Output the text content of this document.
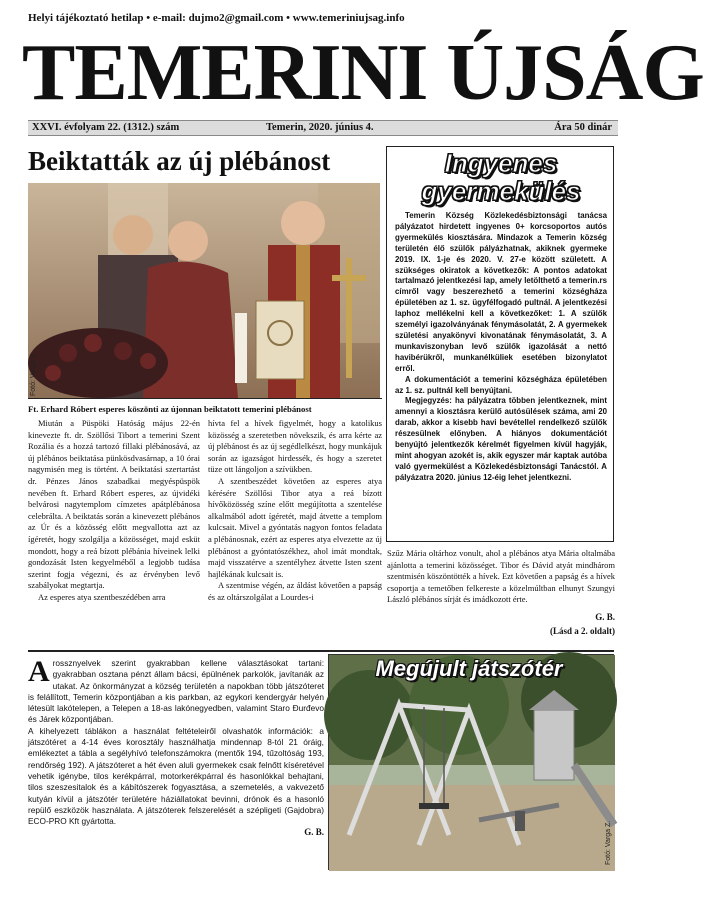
Helyi tájékoztató hetilap • e-mail: dujmo2@gmail.com • www.temeriniujsag.info
TEMERINI ÚJSÁG
XXVI. évfolyam 22. (1312.) szám	Temerin, 2020. június 4.	Ára 50 dinár
Beiktatták az új plébánost
Fotó: Varga Z.
Ft. Erhard Róbert esperes köszönti az újonnan beiktatott temerini plébánost

Miután a Püspöki Hatóság május 22-én kinevezte ft. dr. Szöllősi Tibort a temerini Szent Rozália és a hozzá tartozó fillaki plébánosává, az új plébános beiktatása pünkösdvasárnap, a 10 órai nagymisén meg is történt. A beiktatási szertartást dr. Pénzes János szabadkai megyéspüspök nevében ft. Erhard Róbert esperes, az újvidéki belvárosi nagytemplom címzetes apátplébánosa celebrálta. A beiktatás során a kinevezett plébános az Úr és a közösség előtt megvallotta azt az ígéretét, hogy szolgálja a közösséget, majd esküt mondott, hogy a reá bízott plébánia híveinek lelki gondozását Isten kegyelméből a legjobb tudása szerint fogja végezni, és az érvényben levő szabályokat megtartja.

Az esperes atya szentbeszédében arra

hívta fel a hívek figyelmét, hogy a katolikus közösség a szeretetben növekszik, és arra kérte az új plébánost és az új segédlelkészt, hogy munkájuk során az igazságot hirdessék, és hogy a szeretet tüze ott lángoljon a szívükben.

A szentbeszédet követően az esperes atya kérésére Szöllősi Tibor atya a reá bízott hívőközösség színe előtt megújította a szentelése alkalmából adott ígéretét, majd átvette a templom kulcsait. Mivel a gyóntatás nagyon fontos feladata a plébánosnak, ezért az esperes atya elvezette az új plébánost a gyóntatószékhez, ahol imát mondtak, majd visszatérve a szentélyhez átvette Isten szent hajlékának kulcsait is.

A szentmise végén, az áldást követően a papság és az oltárszolgálat a Lourdes-i

Ingyenes
gyermekülés

Temerin Község Közlekedésbiztonsági tanácsa pályázatot hirdetett ingyenes 0+ korcsoportos autós gyermekülés kiosztására. Mindazok a Temerin község területén élő szülők pályázhatnak, akiknek gyermeke 2019. IX. 1-je és 2020. V. 27-e között született. A szükséges okiratok a következők: A pontos adatokat tartalmazó jelentkezési lap, amely letölthető a temerin.rs címről vagy beszerezhető a temerini községháza épületében az 1. sz. ügyfélfogadó pultnál. A jelentkezési laphoz mellékelni kell a következőket: 1. A szülők személyi igazolványának fénymásolatát, 2. A gyermekek születési anyakönyvi kivonatának fénymásolatát, 3. A munkaviszonyban levő szülők igazolását a nettó havibérükről, munkanélküliek esetében bizonylatot erről.

A dokumentációt a temerini községháza épületében az 1. sz. pultnál kell benyújtani.

Megjegyzés: ha pályázatra többen jelentkeznek, mint amennyi a kiosztásra kerülő autósülések száma, ami 20 darab, akkor a kisebb havi bevétellel rendelkező szülők részesülnek előnyben. A hiányos dokumentációt benyújtó jelentkezők kérelmét figyelmen kívül hagyják, mint ahogyan azokét is, akik egyszer már kaptak autóba való gyermekülést a Közlekedésbiztonsági Tanácstól. A pályázatra 2020. június 12-éig lehet jelentkezni.

Szűz Mária oltárhoz vonult, ahol a plébános atya Mária oltalmába ajánlotta a temerini közösséget. Tibor és Dávid atyát mindhárom szentmisén köszöntötték a hívek. Ezt követően a papság és a hívek csoportja a temetőben felkereste a közelmúltban elhunyt Szungyi László plébános sírját és imádkozott érte.

G. B.
(Lásd a 2. oldalt)
A rossznyelvek szerint gyakrabban kellene választásokat tartani: gyakrabban osztana pénzt állam bácsi, épülnének parkolók, javítanák az utakat. Az önkormányzat a község területén a napokban több játszóteret is felállított, Temerin központjában a kis parkban, az egykori kendergyár helyén létesült lakótelepen, a Telepen a 18-as lakónegyedben, valamint Staro Đurđevo és Járek központjában.

A kihelyezett táblákon a használat feltételeiről olvashatók információk: a játszótéret a 4-14 éves korosztály használhatja mindennap 8-tól 21 óráig, emlékeztet a tábla a segélyhívó telefonszámokra (mentők 194, tűzoltóság 193, rendőrség 192). A játszóteret a hét éven aluli gyermekek csak felnőtt kíséretével vehetik igénybe, tilos kerékpárral, motorkerékpárral és hasonlókkal behajtani, tilos szeszesitalok és a kábítószerek fogyasztása, a szemetelés, a vakvezető kutyán kívül a játszótér területére háziállatokat bevinni, drónok és a hasonló repülő eszközök használata. A játszóterek felszerelését a szépligeti (Gajdobra) ECO-PRO Kft gyártotta.

G. B.
Megújult játszótér
Fotó: Varga Z.
